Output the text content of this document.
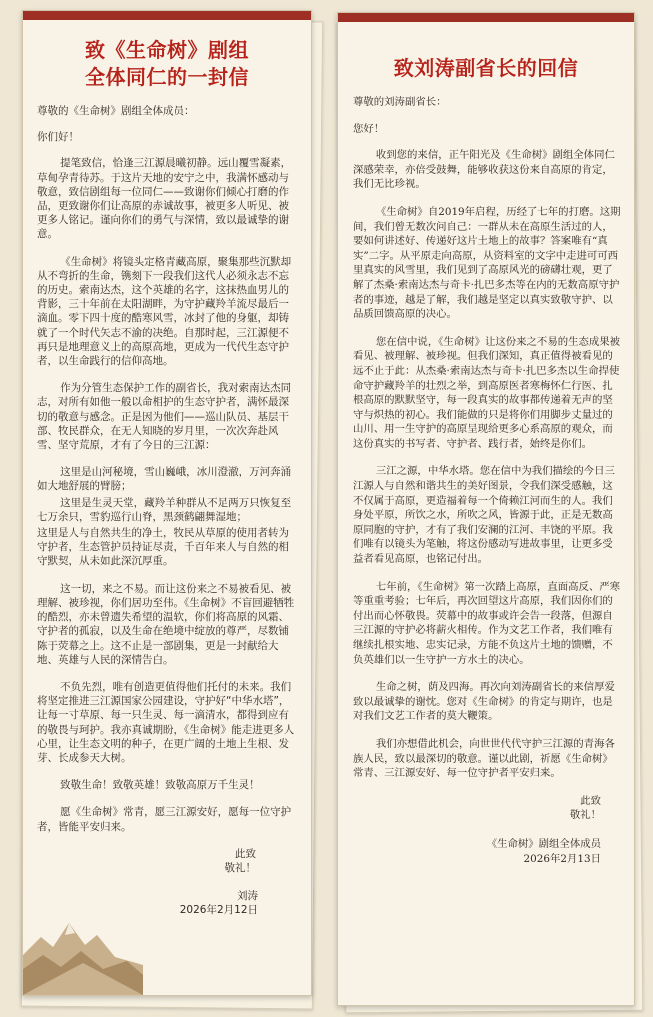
致《生命树》剧组
全体同仁的一封信

尊敬的《生命树》剧组全体成员：

你们好！

提笔致信，恰逢三江源晨曦初静。远山覆雪凝素，草甸孕青待苏。于这片天地的安宁之中，我满怀感动与敬意，致信剧组每一位同仁——致谢你们倾心打磨的作品，更致谢你们让高原的赤诚故事，被更多人听见、被更多人铭记。谨向你们的勇气与深情，致以最诚挚的谢意。

《生命树》将镜头定格青藏高原，聚集那些沉默却从不弯折的生命，镌刻下一段我们这代人必须永志不忘的历史。索南达杰，这个英雄的名字，这抹热血男儿的背影，三十年前在太阳湖畔，为守护藏羚羊流尽最后一滴血。零下四十度的酷寒风雪，冰封了他的身躯，却铸就了一个时代矢志不渝的决绝。自那时起，三江源便不再只是地理意义上的高原高地，更成为一代代生态守护者，以生命践行的信仰高地。

作为分管生态保护工作的副省长，我对索南达杰同志，对所有如他一般以命相护的生态守护者，满怀最深切的敬意与感念。正是因为他们——巡山队员、基层干部、牧民群众，在无人知晓的岁月里，一次次奔赴风雪、坚守荒原，才有了今日的三江源：

这里是山河秘境，雪山巍峨，冰川澄澈，万河奔涌如大地舒展的臂膀；

这里是生灵天堂，藏羚羊种群从不足两万只恢复至七万余只，雪豹巡行山脊，黑颈鹤翩舞湿地；

这里是人与自然共生的净土，牧民从草原的使用者转为守护者，生态管护员持证尽责，千百年来人与自然的相守默契，从未如此深沉厚重。

这一切，来之不易。而让这份来之不易被看见、被理解、被珍视，你们居功至伟。《生命树》不盲回避牺牲的酷烈，亦未曾遗失希望的温软，你们将高原的风霜、守护者的孤寂，以及生命在绝境中绽放的尊严，尽数铺陈于荧幕之上。这不止是一部剧集，更是一封献给大地、英雄与人民的深情告白。

不负先烈，唯有创造更值得他们托付的未来。我们将坚定推进三江源国家公园建设，守护好“中华水塔”，让每一寸草原、每一只生灵、每一滴清水，都得到应有的敬畏与珂护。我亦真诚期盼，《生命树》能走进更多人心里，让生态文明的种子，在更广阔的土地上生根、发芽、长成参天大树。

致敬生命！致敬英雄！致敬高原万千生灵！

愿《生命树》常青，愿三江源安好，愿每一位守护者，皆能平安归来。

此致
敬礼！
刘涛
2026年2月12日
致刘涛副省长的回信

尊敬的刘涛副省长：

您好！

收到您的来信，正午阳光及《生命树》剧组全体同仁深感荣幸，亦倍受鼓舞，能够收获这份来自高原的肯定，我们无比珍视。

《生命树》自2019年启程，历经了七年的打磨。这期间，我们曾无数次问自己：一群从未在高原生活过的人，要如何讲述好、传递好这片土地上的故事？答案唯有“真实”二字。从平原走向高原，从资料室的文字中走进可可西里真实的风雪里，我们见到了高原风光的磅礴壮观，更了解了杰桑·索南达杰与奇卡·扎巴多杰等在内的无数高原守护者的事迹，越是了解，我们越是坚定以真实致敬守护、以品质回馈高原的决心。

您在信中说，《生命树》让这份来之不易的生态成果被看见、被理解、被珍视。但我们深知，真正值得被看见的远不止于此：从杰桑·索南达杰与奇卡·扎巴多杰以生命捍使命守护藏羚羊的壮烈之举，到高原医者寒梅怀仁行医、扎根高原的默默坚守，每一段真实的故事都传递着无声的坚守与炽热的初心。我们能做的只是将你们用脚步丈量过的山川、用一生守护的高原呈现给更多心系高原的观众，而这份真实的书写者、守护者、践行者，始终是你们。

三江之源，中华水塔。您在信中为我们描绘的今日三江源人与自然和谐共生的美好图景，令我们深受感触，这不仅属于高原，更造福着每一个倚赖江河而生的人。我们身处平原，所饮之水，所吹之风，皆源于此，正是无数高原同胞的守护，才有了我们安澜的江河、丰饶的平原。我们唯有以镜头为笔触，将这份感动写进故事里，让更多受益者看见高原，也铭记付出。

七年前，《生命树》第一次踏上高原，直面高反、严寒等重重考验；七年后，再次回望这片高原，我们因你们的付出而心怀敬畏。荧幕中的故事或许会告一段落，但源自三江源的守护必将薪火相传。作为文艺工作者，我们唯有继续扎根实地、忠实记录，方能不负这片土地的馈赠，不负英雄们以一生守护一方水土的决心。

生命之树，荫及四海。再次向刘涛副省长的来信厚爱致以最诚挚的谢忱。您对《生命树》的肯定与期许，也是对我们文艺工作者的莫大鞭策。

我们亦想借此机会，向世世代代守护三江源的青海各族人民，致以最深切的敬意。谨以此剧，祈愿《生命树》常青、三江源安好、每一位守护者平安归来。

此致
敬礼！
《生命树》剧组全体成员
2026年2月13日
